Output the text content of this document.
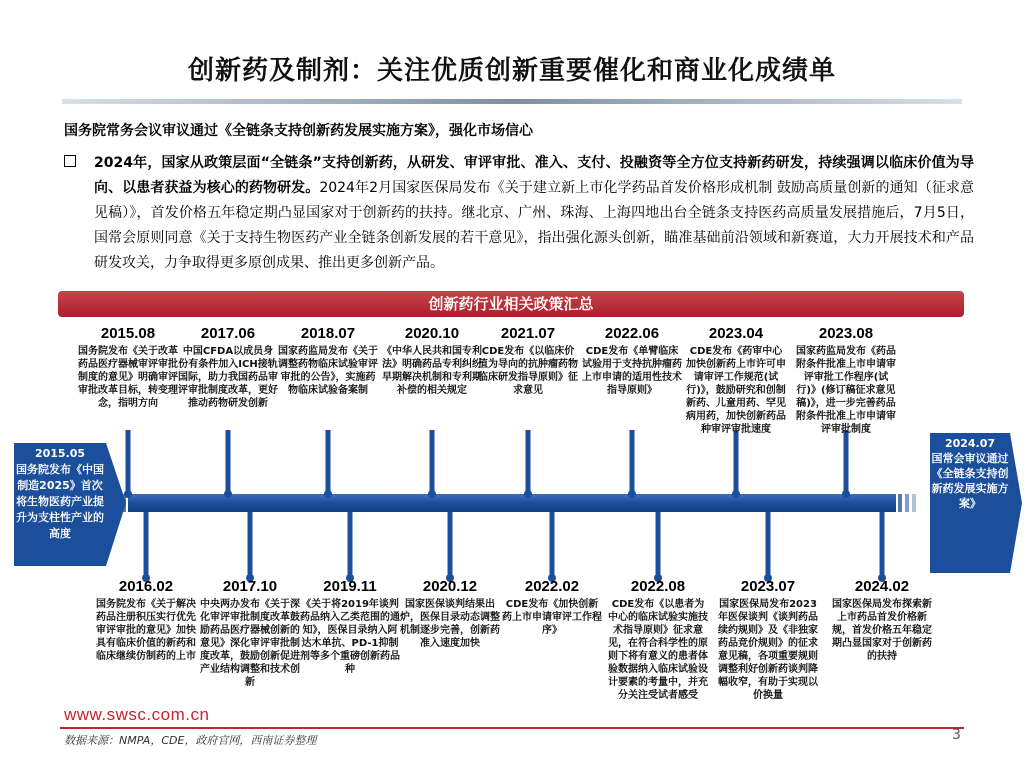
创新药及制剂：关注优质创新重要催化和商业化成绩单
国务院常务会议审议通过《全链条支持创新药发展实施方案》，强化市场信心
2024年，国家从政策层面“全链条”支持创新药，从研发、审评审批、准入、支付、投融资等全方位支持新药研发，持续强调以临床价值为导向、以患者获益为核心的药物研发。2024年2月国家医保局发布《关于建立新上市化学药品首发价格形成机制 鼓励高质量创新的通知（征求意见稿）》，首发价格五年稳定期凸显国家对于创新药的扶持。继北京、广州、珠海、上海四地出台全链条支持医药高质量发展措施后，7月5日，国常会原则同意《关于支持生物医药产业全链条创新发展的若干意见》，指出强化源头创新，瞄准基础前沿领域和新赛道，大力开展技术和产品研发攻关，力争取得更多原创成果、推出更多创新产品。
创新药行业相关政策汇总
2015.05
国务院发布《中国制造2025》首次将生物医药产业提升为支柱性产业的高度
2024.07
国常会审议通过《全链条支持创新药发展实施方案》
2015.08
国务院发布《关于改革药品医疗器械审评审批制度的意见》明确审评审批改革目标，转变理念，指明方向
2017.06
中国CFDA以成员身份有条件加入ICH接轨国际，助力我国药品审评审批制度改革，更好推动药物研发创新
2018.07
国家药监局发布《关于调整药物临床试验审评审批的公告》，实施药物临床试验备案制
2020.10
《中华人民共和国专利法》明确药品专利纠纷早期解决机制和专利期补偿的相关规定
2021.07
CDE发布《以临床价值为导向的抗肿瘤药物临床研发指导原则》征求意见
2022.06
CDE发布《单臂临床试验用于支持抗肿瘤药上市申请的适用性技术指导原则》
2023.04
CDE发布《药审中心加快创新药上市许可申请审评工作规范(试行)》，鼓励研究和创制新药、儿童用药、罕见病用药，加快创新药品种审评审批速度
2023.08
国家药监局发布《药品附条件批准上市申请审评审批工作程序(试行)》(修订稿征求意见稿)》，进一步完善药品附条件批准上市申请审评审批制度
2016.02
国务院发布《关于解决药品注册积压实行优先审评审批的意见》加快具有临床价值的新药和临床继续仿制药的上市
2017.10
中央两办发布《关于深化审评审批制度改革鼓励药品医疗器械创新的意见》深化审评审批制度改革，鼓励创新促进产业结构调整和技术创新
2019.11
《关于将2019年谈判药品纳入乙类范围的通知》，医保目录纳入阿达木单抗、PD-1抑制剂等多个重磅创新药品种
2020.12
国家医保谈判结果出炉，医保目录动态调整机制逐步完善，创新药准入速度加快
2022.02
CDE发布《加快创新药上市申请审评工作程序》
2022.08
CDE发布《以患者为中心的临床试验实施技术指导原则》征求意见，在符合科学性的原则下将有意义的患者体验数据纳入临床试验设计要素的考量中，并充分关注受试者感受
2023.07
国家医保局发布2023年医保谈判《谈判药品续约规则》及《非独家药品竞价规则》的征求意见稿，各项重要规则调整利好创新药谈判降幅收窄，有助于实现以价换量
2024.02
国家医保局发布探索新上市药品首发价格新规，首发价格五年稳定期凸显国家对于创新药的扶持
www.swsc.com.cn
数据来源：NMPA，CDE，政府官网，西南证券整理	3
